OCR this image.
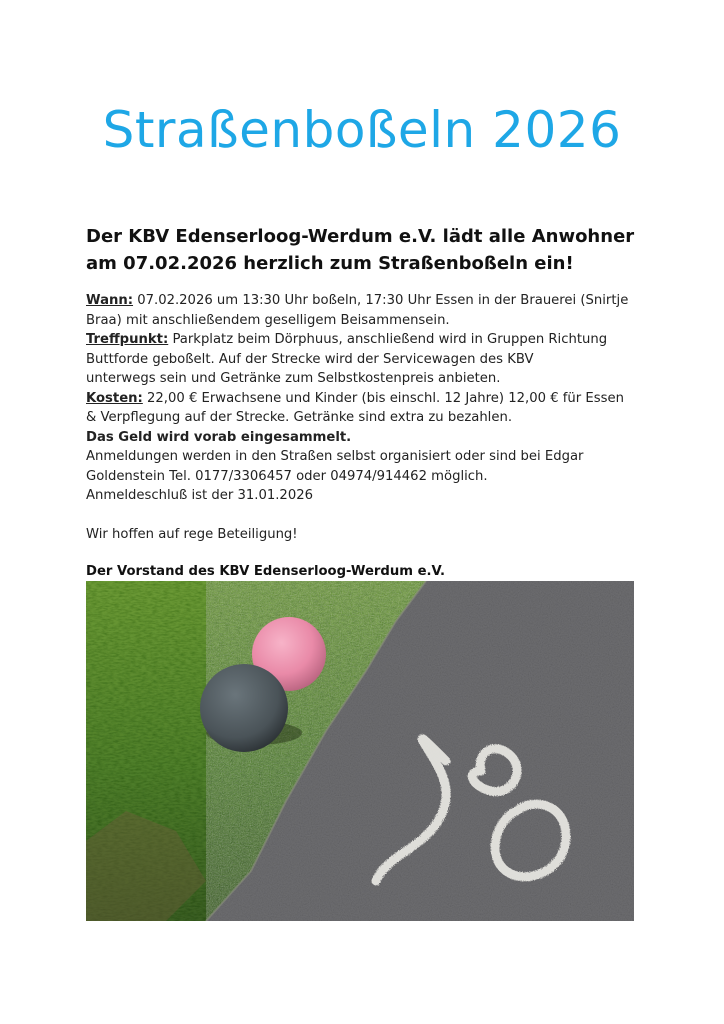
Straßenboßeln 2026
Der KBV Edenserloog-Werdum e.V. lädt alle Anwohner
am 07.02.2026 herzlich zum Straßenboßeln ein!

Wann: 07.02.2026 um 13:30 Uhr boßeln, 17:30 Uhr Essen in der Brauerei (Snirtje

Braa) mit anschließendem geselligem Beisammensein.

Treffpunkt: Parkplatz beim Dörphuus, anschließend wird in Gruppen Richtung

Buttforde geboßelt. Auf der Strecke wird der Servicewagen des KBV

unterwegs sein und Getränke zum Selbstkostenpreis anbieten.

Kosten: 22,00 € Erwachsene und Kinder (bis einschl. 12 Jahre) 12,00 € für Essen

& Verpflegung auf der Strecke. Getränke sind extra zu bezahlen.

Das Geld wird vorab eingesammelt.

Anmeldungen werden in den Straßen selbst organisiert oder sind bei Edgar

Goldenstein Tel. 0177/3306457 oder 04974/914462 möglich.

Anmeldeschluß ist der 31.01.2026

Wir hoffen auf rege Beteiligung!

Der Vorstand des KBV Edenserloog-Werdum e.V.
